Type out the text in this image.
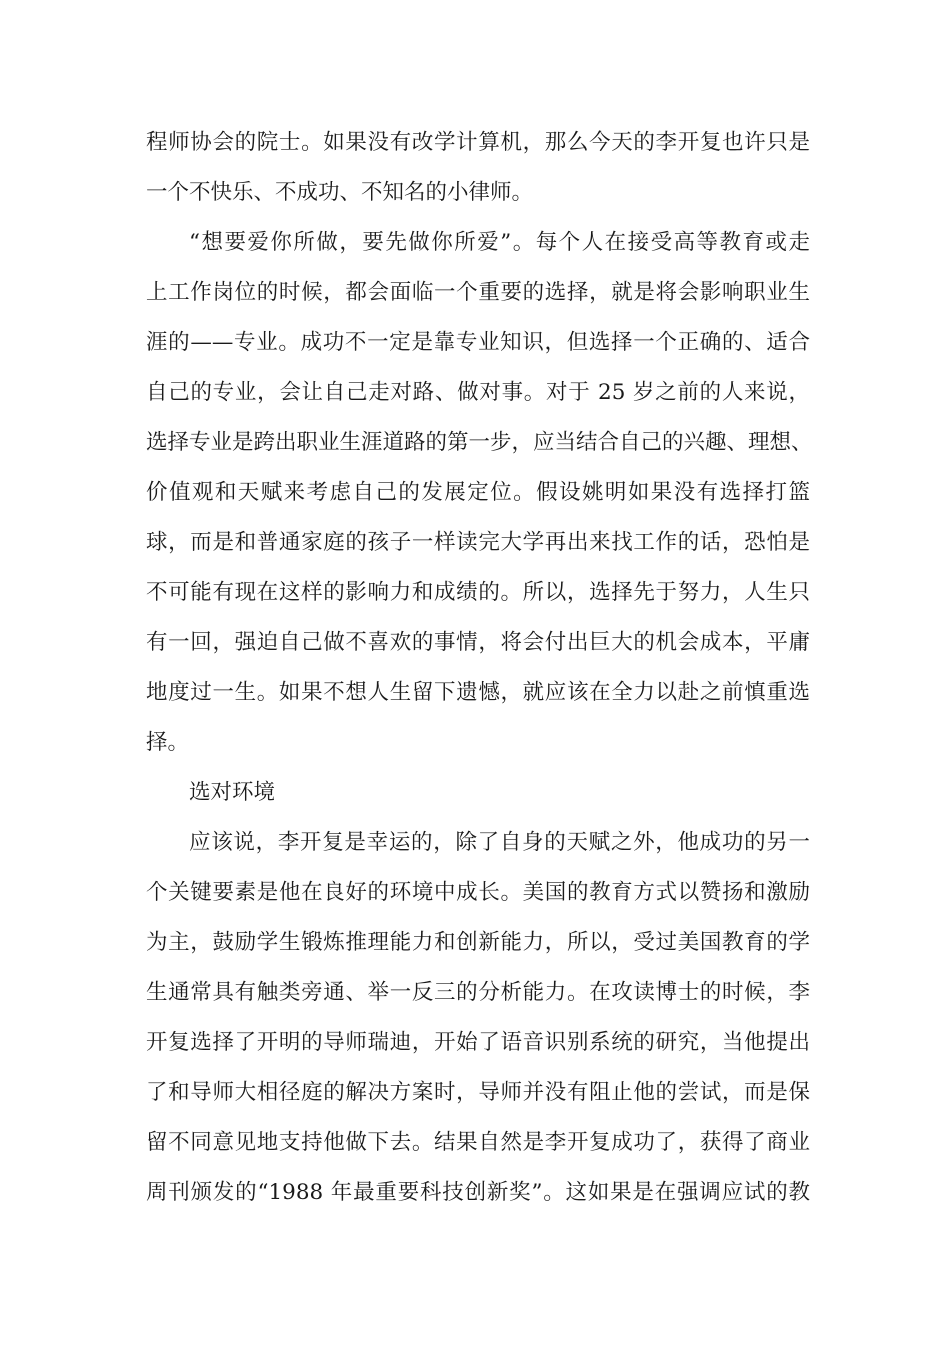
程师协会的院士。如果没有改学计算机，那么今天的李开复也许只是
一个不快乐、不成功、不知名的小律师。
“想要爱你所做，要先做你所爱”。每个人在接受高等教育或走
上工作岗位的时候，都会面临一个重要的选择，就是将会影响职业生
涯的——专业。成功不一定是靠专业知识，但选择一个正确的、适合
自己的专业，会让自己走对路、做对事。对于 25 岁之前的人来说，
选择专业是跨出职业生涯道路的第一步，应当结合自己的兴趣、理想、
价值观和天赋来考虑自己的发展定位。假设姚明如果没有选择打篮
球，而是和普通家庭的孩子一样读完大学再出来找工作的话，恐怕是
不可能有现在这样的影响力和成绩的。所以，选择先于努力，人生只
有一回，强迫自己做不喜欢的事情，将会付出巨大的机会成本，平庸
地度过一生。如果不想人生留下遗憾，就应该在全力以赴之前慎重选
择。
选对环境
应该说，李开复是幸运的，除了自身的天赋之外，他成功的另一
个关键要素是他在良好的环境中成长。美国的教育方式以赞扬和激励
为主，鼓励学生锻炼推理能力和创新能力，所以，受过美国教育的学
生通常具有触类旁通、举一反三的分析能力。在攻读博士的时候，李
开复选择了开明的导师瑞迪，开始了语音识别系统的研究，当他提出
了和导师大相径庭的解决方案时，导师并没有阻止他的尝试，而是保
留不同意见地支持他做下去。结果自然是李开复成功了，获得了商业
周刊颁发的“1988 年最重要科技创新奖”。这如果是在强调应试的教
